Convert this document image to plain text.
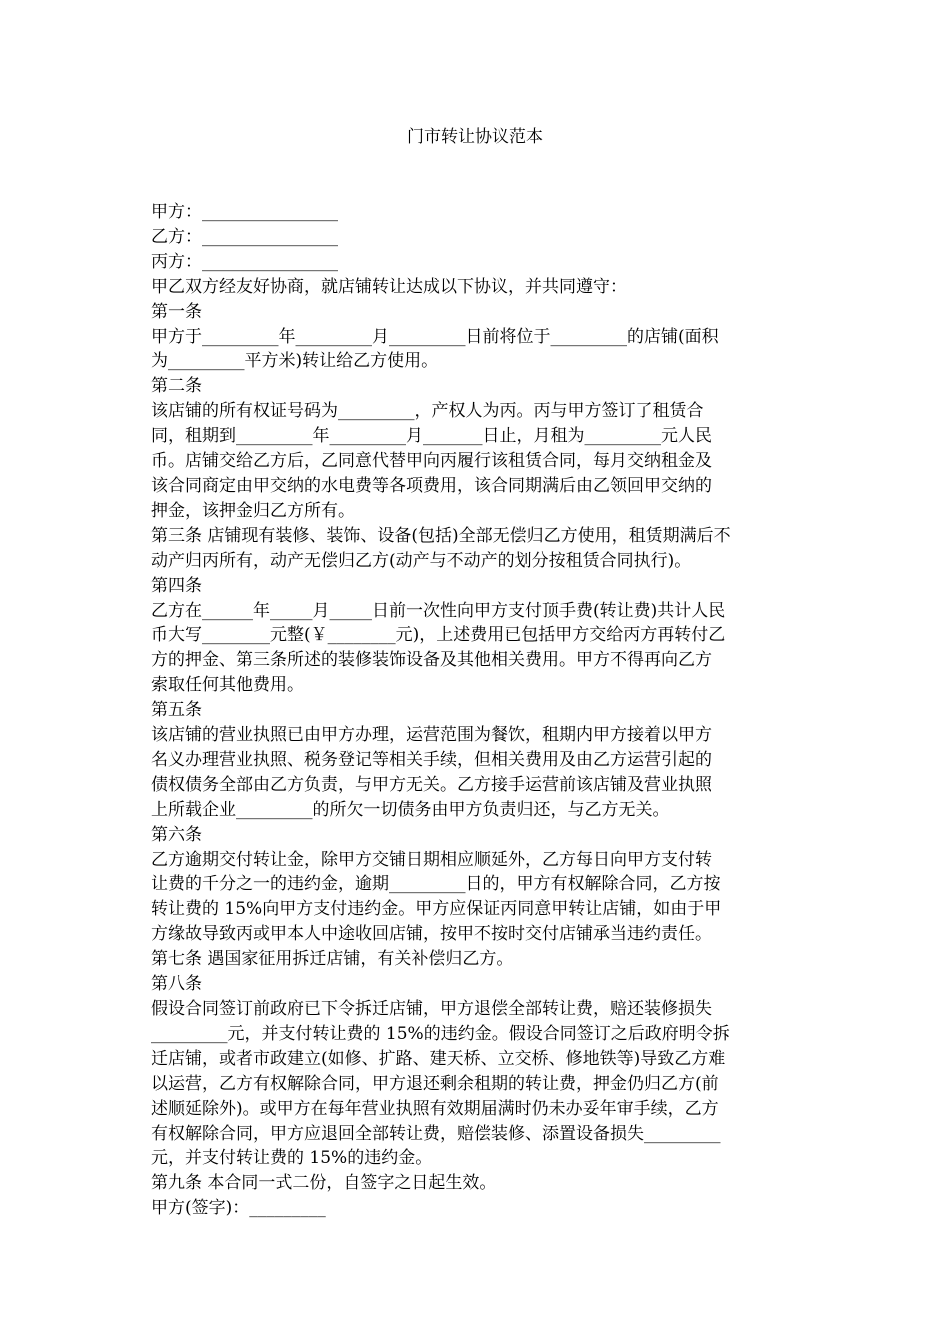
门市转让协议范本

甲方：________________

乙方：________________

丙方：________________

甲乙双方经友好协商，就店铺转让达成以下协议，并共同遵守：

第一条

甲方于_________年_________月_________日前将位于_________的店铺(面积

为_________平方米)转让给乙方使用。

第二条

该店铺的所有权证号码为_________，产权人为丙。丙与甲方签订了租赁合

同，租期到_________年_________月_______日止，月租为_________元人民

币。店铺交给乙方后，乙同意代替甲向丙履行该租赁合同，每月交纳租金及

该合同商定由甲交纳的水电费等各项费用，该合同期满后由乙领回甲交纳的

押金，该押金归乙方所有。

第三条 店铺现有装修、装饰、设备(包括)全部无偿归乙方使用，租赁期满后不

动产归丙所有，动产无偿归乙方(动产与不动产的划分按租赁合同执行)。

第四条

乙方在______年_____月_____日前一次性向甲方支付顶手费(转让费)共计人民

币大写________元整(￥________元)，上述费用已包括甲方交给丙方再转付乙

方的押金、第三条所述的装修装饰设备及其他相关费用。甲方不得再向乙方

索取任何其他费用。

第五条

该店铺的营业执照已由甲方办理，运营范围为餐饮，租期内甲方接着以甲方

名义办理营业执照、税务登记等相关手续，但相关费用及由乙方运营引起的

债权债务全部由乙方负责，与甲方无关。乙方接手运营前该店铺及营业执照

上所载企业_________的所欠一切债务由甲方负责归还，与乙方无关。

第六条

乙方逾期交付转让金，除甲方交铺日期相应顺延外，乙方每日向甲方支付转

让费的千分之一的违约金，逾期_________日的，甲方有权解除合同，乙方按

转让费的 15%向甲方支付违约金。甲方应保证丙同意甲转让店铺，如由于甲

方缘故导致丙或甲本人中途收回店铺，按甲不按时交付店铺承当违约责任。

第七条 遇国家征用拆迁店铺，有关补偿归乙方。

第八条

假设合同签订前政府已下令拆迁店铺，甲方退偿全部转让费，赔还装修损失

_________元，并支付转让费的 15%的违约金。假设合同签订之后政府明令拆

迁店铺，或者市政建立(如修、扩路、建天桥、立交桥、修地铁等)导致乙方难

以运营，乙方有权解除合同，甲方退还剩余租期的转让费，押金仍归乙方(前

述顺延除外)。或甲方在每年营业执照有效期届满时仍未办妥年审手续，乙方

有权解除合同，甲方应退回全部转让费，赔偿装修、添置设备损失_________

元，并支付转让费的 15%的违约金。

第九条 本合同一式二份，自签字之日起生效。

甲方(签字)：_________
